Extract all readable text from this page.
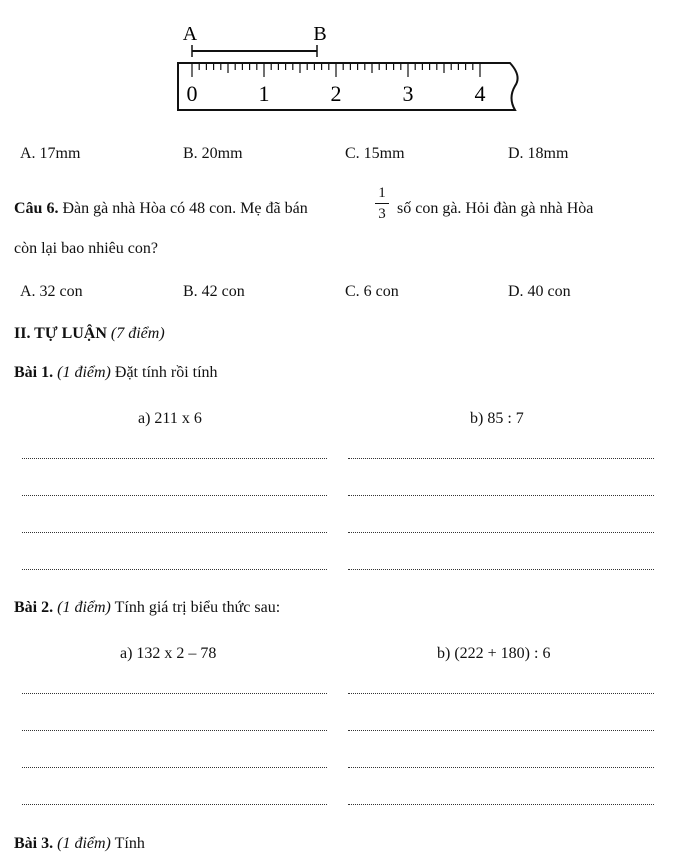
A	B
0	1	2	3	4
A. 17mm	B. 20mm	C. 15mm	D. 18mm
Câu 6. Đàn gà nhà Hòa có 48 con. Mẹ đã bán
1
3 số con gà. Hỏi đàn gà nhà Hòa
còn lại bao nhiêu con?
A. 32 con	B. 42 con	C. 6 con	D. 40 con
II. TỰ LUẬN (7 điểm)
Bài 1. (1 điểm) Đặt tính rồi tính
a) 211 x 6	b) 85 : 7
Bài 2. (1 điểm) Tính giá trị biểu thức sau:
a) 132 x 2 – 78	b) (222 + 180) : 6
Bài 3. (1 điểm) Tính
